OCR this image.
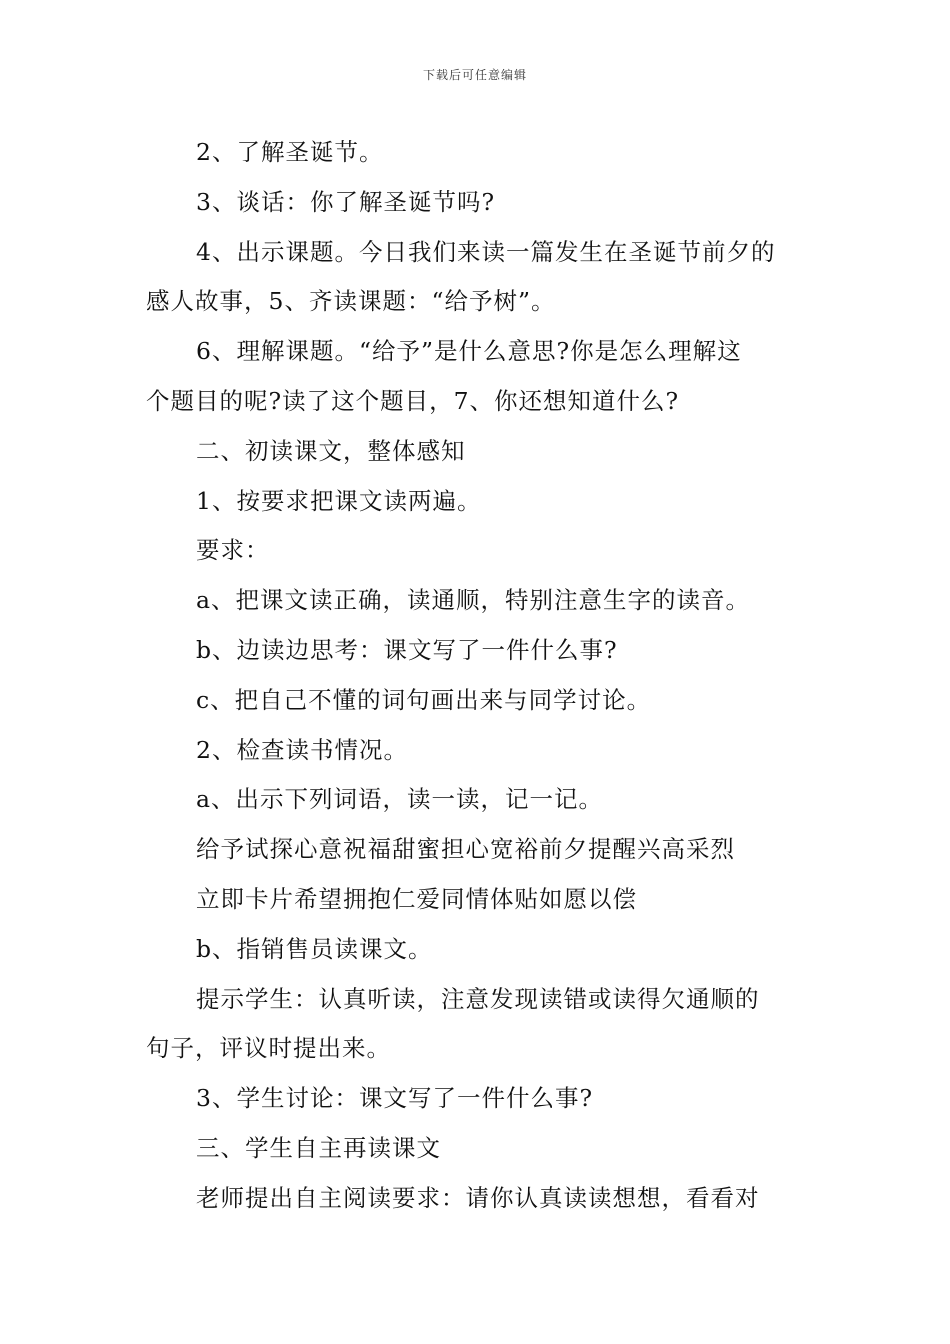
下载后可任意编辑

2、了解圣诞节。

3、谈话：你了解圣诞节吗?

4、出示课题。今日我们来读一篇发生在圣诞节前夕的

感人故事，5、齐读课题：“给予树”。

6、理解课题。“给予”是什么意思?你是怎么理解这

个题目的呢?读了这个题目，7、你还想知道什么?

二、初读课文，整体感知

1、按要求把课文读两遍。

要求：

a、把课文读正确，读通顺，特别注意生字的读音。

b、边读边思考：课文写了一件什么事?

c、把自己不懂的词句画出来与同学讨论。

2、检查读书情况。

a、出示下列词语，读一读，记一记。

给予试探心意祝福甜蜜担心宽裕前夕提醒兴高采烈

立即卡片希望拥抱仁爱同情体贴如愿以偿

b、指销售员读课文。

提示学生：认真听读，注意发现读错或读得欠通顺的

句子，评议时提出来。

3、学生讨论：课文写了一件什么事?

三、学生自主再读课文

老师提出自主阅读要求：请你认真读读想想，看看对
